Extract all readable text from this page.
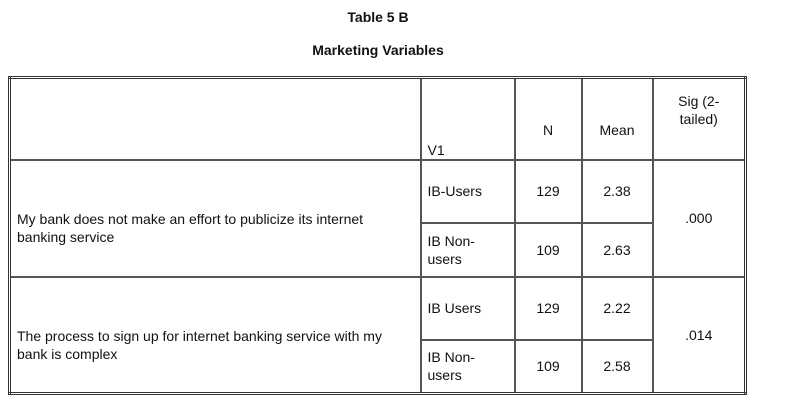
Table 5 B
Marketing Variables
	V1	N	Mean	Sig (2-
tailed)

My bank does not make an effort to publicize its internet banking service	IB-Users	129	2.38	.000
	IB Non-
users	109	2.63	
The process to sign up for internet banking service with my bank is complex	IB Users	129	2.22	.014
	IB Non-
users	109	2.58	
